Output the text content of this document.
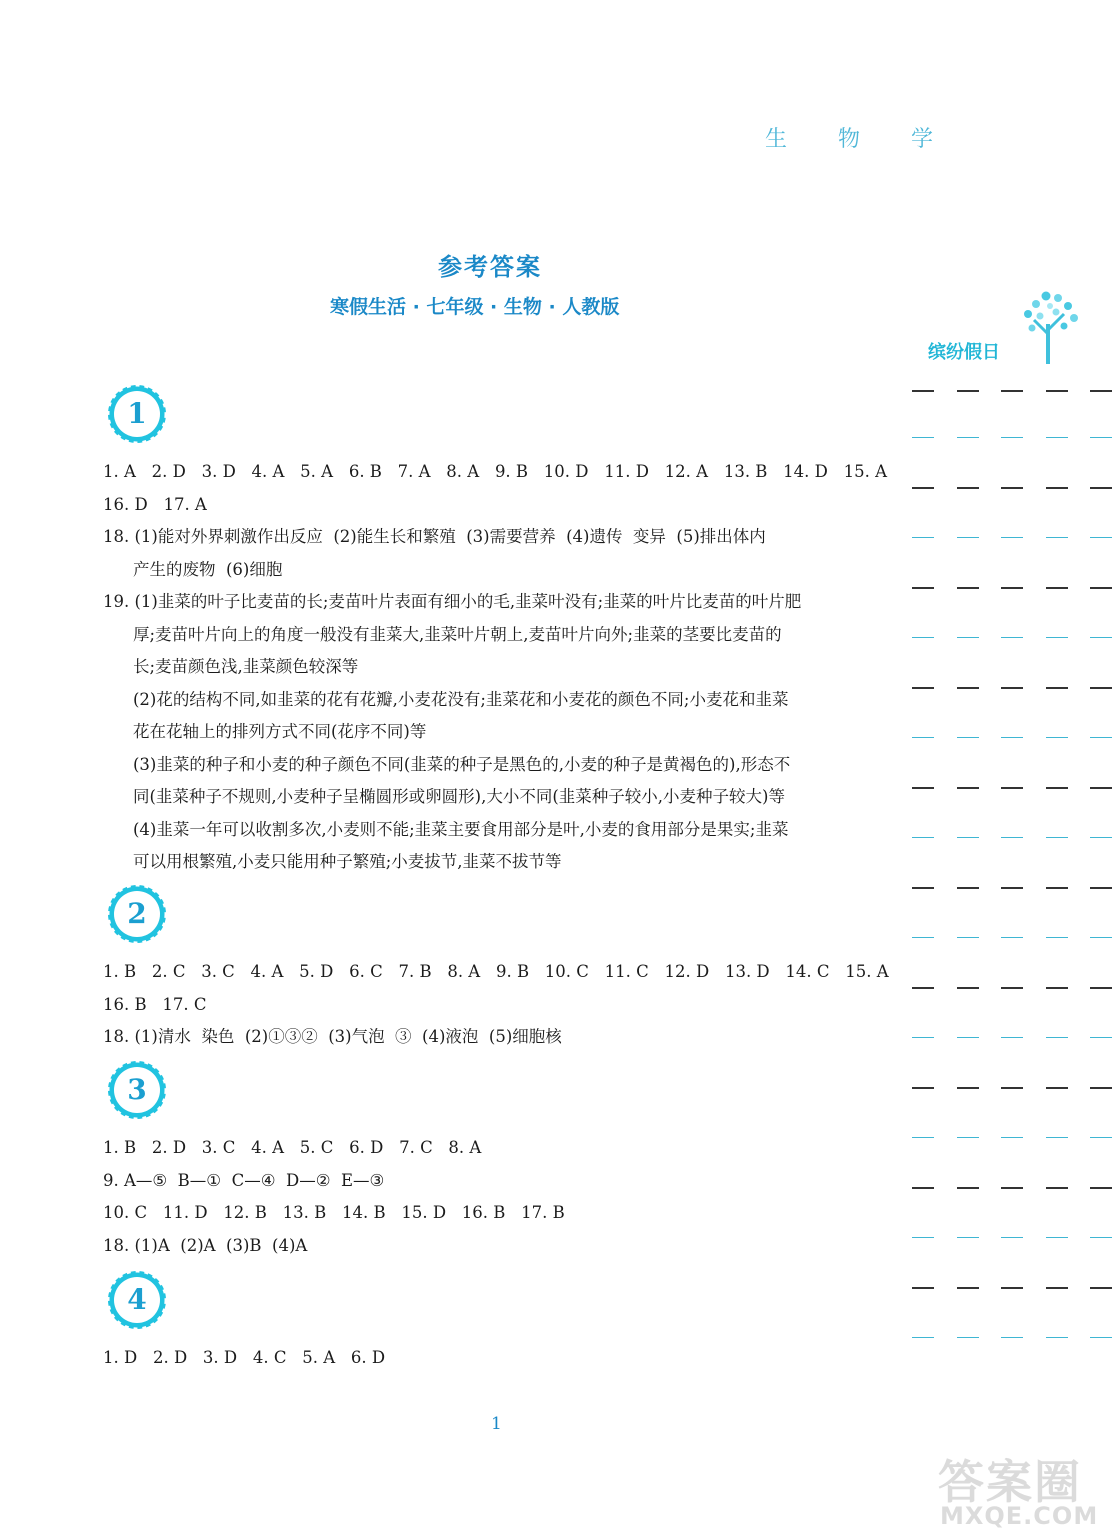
生 物 学
参考答案
寒假生活 · 七年级 · 生物 · 人教版
缤纷假日
1
1. A   2. D   3. D   4. A   5. A   6. B   7. A   8. A   9. B   10. D   11. D   12. A   13. B   14. D   15. A
16. D   17. A
18. (1)能对外界刺激作出反应  (2)能生长和繁殖  (3)需要营养  (4)遗传  变异  (5)排出体内
产生的废物  (6)细胞
19. (1)韭菜的叶子比麦苗的长;麦苗叶片表面有细小的毛,韭菜叶没有;韭菜的叶片比麦苗的叶片肥
厚;麦苗叶片向上的角度一般没有韭菜大,韭菜叶片朝上,麦苗叶片向外;韭菜的茎要比麦苗的
长;麦苗颜色浅,韭菜颜色较深等
(2)花的结构不同,如韭菜的花有花瓣,小麦花没有;韭菜花和小麦花的颜色不同;小麦花和韭菜
花在花轴上的排列方式不同(花序不同)等
(3)韭菜的种子和小麦的种子颜色不同(韭菜的种子是黑色的,小麦的种子是黄褐色的),形态不
同(韭菜种子不规则,小麦种子呈椭圆形或卵圆形),大小不同(韭菜种子较小,小麦种子较大)等
(4)韭菜一年可以收割多次,小麦则不能;韭菜主要食用部分是叶,小麦的食用部分是果实;韭菜
可以用根繁殖,小麦只能用种子繁殖;小麦拔节,韭菜不拔节等
2
1. B   2. C   3. C   4. A   5. D   6. C   7. B   8. A   9. B   10. C   11. C   12. D   13. D   14. C   15. A
16. B   17. C
18. (1)清水  染色  (2)①③②  (3)气泡  ③  (4)液泡  (5)细胞核
3
1. B   2. D   3. C   4. A   5. C   6. D   7. C   8. A
9. A—⑤  B—①  C—④  D—②  E—③
10. C   11. D   12. B   13. B   14. B   15. D   16. B   17. B
18. (1)A  (2)A  (3)B  (4)A
4
1. D   2. D   3. D   4. C   5. A   6. D
1
答案圈
MXQE.COM
